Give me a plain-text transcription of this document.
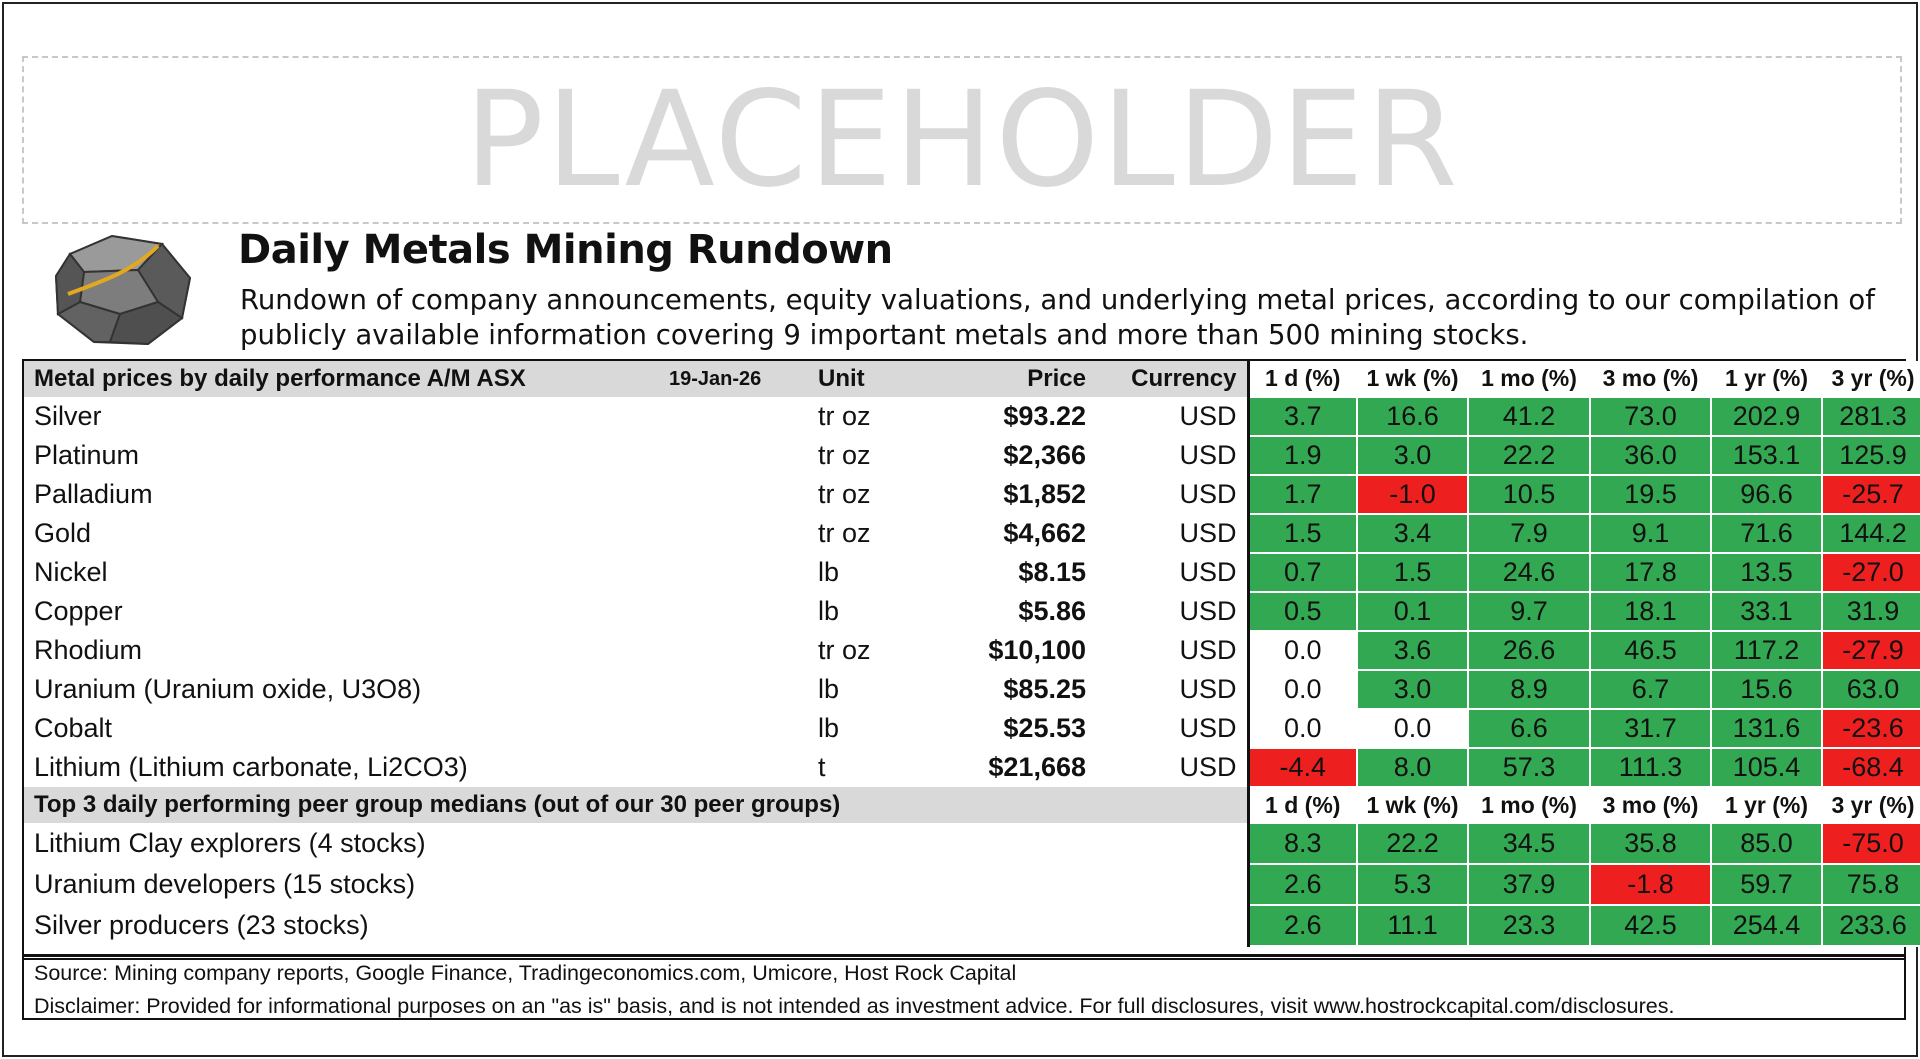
PLACEHOLDER
Daily Metals Mining Rundown
Rundown of company announcements, equity valuations, and underlying metal prices, according to our compilation of publicly available information covering 9 important metals and more than 500 mining stocks.
Metal prices by daily performance A/M ASX	19-Jan-26	Unit	Price	Currency	1 d (%)	1 wk (%)	1 mo (%)	3 mo (%)	1 yr (%)	3 yr (%)
Silver		tr oz	$93.22	USD	3.7	16.6	41.2	73.0	202.9	281.3
Platinum		tr oz	$2,366	USD	1.9	3.0	22.2	36.0	153.1	125.9
Palladium		tr oz	$1,852	USD	1.7	-1.0	10.5	19.5	96.6	-25.7
Gold		tr oz	$4,662	USD	1.5	3.4	7.9	9.1	71.6	144.2
Nickel		lb	$8.15	USD	0.7	1.5	24.6	17.8	13.5	-27.0
Copper		lb	$5.86	USD	0.5	0.1	9.7	18.1	33.1	31.9
Rhodium		tr oz	$10,100	USD	0.0	3.6	26.6	46.5	117.2	-27.9
Uranium (Uranium oxide, U3O8)		lb	$85.25	USD	0.0	3.0	8.9	6.7	15.6	63.0
Cobalt		lb	$25.53	USD	0.0	0.0	6.6	31.7	131.6	-23.6
Lithium (Lithium carbonate, Li2CO3)		t	$21,668	USD	-4.4	8.0	57.3	111.3	105.4	-68.4
Top 3 daily performing peer group medians (out of our 30 peer groups)					1 d (%)	1 wk (%)	1 mo (%)	3 mo (%)	1 yr (%)	3 yr (%)
Lithium Clay explorers (4 stocks)					8.3	22.2	34.5	35.8	85.0	-75.0
Uranium developers (15 stocks)					2.6	5.3	37.9	-1.8	59.7	75.8
Silver producers (23 stocks)					2.6	11.1	23.3	42.5	254.4	233.6
Source: Mining company reports, Google Finance, Tradingeconomics.com, Umicore, Host Rock Capital
Disclaimer: Provided for informational purposes on an "as is" basis, and is not intended as investment advice. For full disclosures, visit www.hostrockcapital.com/disclosures.
